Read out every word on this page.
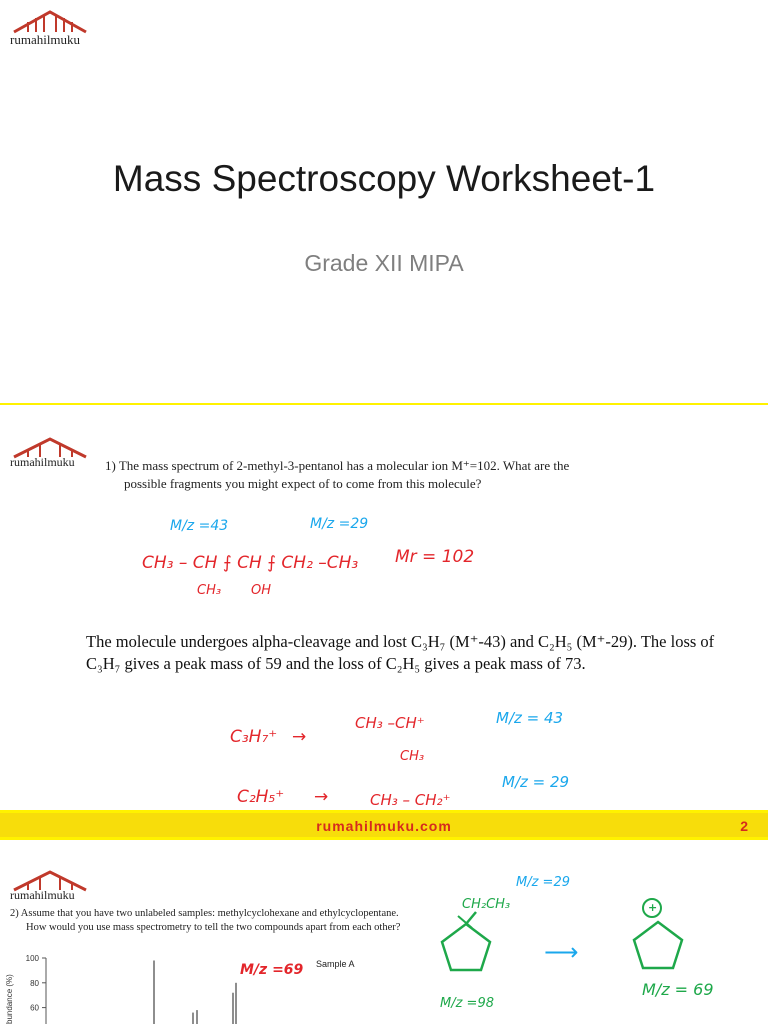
rumahilmuku
Mass Spectroscopy Worksheet-1
Grade XII MIPA
rumahilmuku 1) The mass spectrum of 2-methyl-3-pentanol has a molecular ion M⁺=102. What are the
possible fragments you might expect of to come from this molecule?
M/z =43	M/z =29
CH₃ – CH ⨍ CH ⨍ CH₂ –CH₃
CH₃ OH
Mr = 102
The molecule undergoes alpha-cleavage and lost C₃H₇ (M⁺-43) and C₂H₅ (M⁺-29). The loss of C₃H₇ gives a peak mass of 59 and the loss of C₂H₅ gives a peak mass of 73.
C₃H₇⁺ →
CH₃ –CH⁺
CH₃
M/z = 43
C₂H₅⁺ →	CH₃ – CH₂⁺
M/z = 29
rumahilmuku.com	2
rumahilmuku
2) Assume that you have two unlabeled samples: methylcyclohexane and ethylcyclopentane.
How would you use mass spectrometry to tell the two compounds apart from each other?
100
80
60
bundance (%)
Sample A
M/z =69
M/z =29
CH₂CH₃
M/z =98
⟶
+
M/z = 69
